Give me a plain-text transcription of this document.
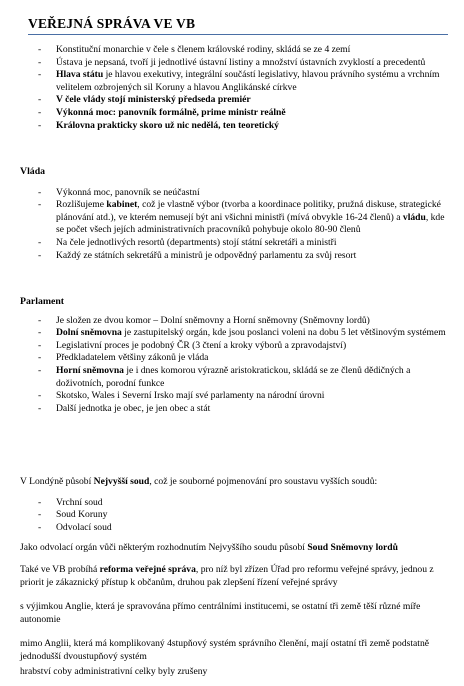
VEŘEJNÁ SPRÁVA VE VB
- Konstituční monarchie v čele s členem královské rodiny, skládá se ze 4 zemí
- Ústava je nepsaná, tvoří ji jednotlivé ústavní listiny a množství ústavních zvyklostí a precedentů
- Hlava státu je hlavou exekutivy, integrální součástí legislativy, hlavou právního systému a vrchním velitelem ozbrojených sil Koruny a hlavou Anglikánské církve
- V čele vlády stojí ministerský předseda premiér
- Výkonná moc: panovník formálně, prime ministr reálně
- Královna prakticky skoro už nic nedělá, ten teoretický

Vláda

- Výkonná moc, panovník se neúčastní
- Rozlišujeme kabinet, což je vlastně výbor (tvorba a koordinace politiky, pružná diskuse, strategické plánování atd.), ve kterém nemusejí být ani všichni ministři (mívá obvykle 16-24 členů) a vládu, kde se počet všech jejích administrativních pracovníků pohybuje okolo 80-90 členů
- Na čele jednotlivých resortů (departments) stojí státní sekretáři a ministři
- Každý ze státních sekretářů a ministrů je odpovědný parlamentu za svůj resort

Parlament

- Je složen ze dvou komor – Dolní sněmovny a Horní sněmovny (Sněmovny lordů)
- Dolní sněmovna je zastupitelský orgán, kde jsou poslanci voleni na dobu 5 let většinovým systémem
- Legislativní proces je podobný ČR (3 čtení a kroky výborů a zpravodajství)
- Předkladatelem většiny zákonů je vláda
- Horní sněmovna je i dnes komorou výrazně aristokratickou, skládá se ze členů dědičných a doživotních, porodní funkce
- Skotsko, Wales i Severní Irsko mají své parlamenty na národní úrovni
- Další jednotka je obec, je jen obec a stát

V Londýně působí Nejvyšší soud, což je souborné pojmenování pro soustavu vyšších soudů:

- Vrchní soud
- Soud Koruny
- Odvolací soud

Jako odvolací orgán vůči některým rozhodnutím Nejvyššího soudu působí Soud Sněmovny lordů

Také ve VB probíhá reforma veřejné správa, pro níž byl zřízen Úřad pro reformu veřejné správy, jednou z priorit je zákaznický přístup k občanům, druhou pak zlepšení řízení veřejné správy

s výjimkou Anglie, která je spravována přímo centrálními institucemi, se ostatní tři země těší různé míře autonomie

mimo Anglii, která má komplikovaný 4stupňový systém správního členění, mají ostatní tři země podstatně jednodušší dvoustupňový systém

hrabství coby administrativní celky byly zrušeny
